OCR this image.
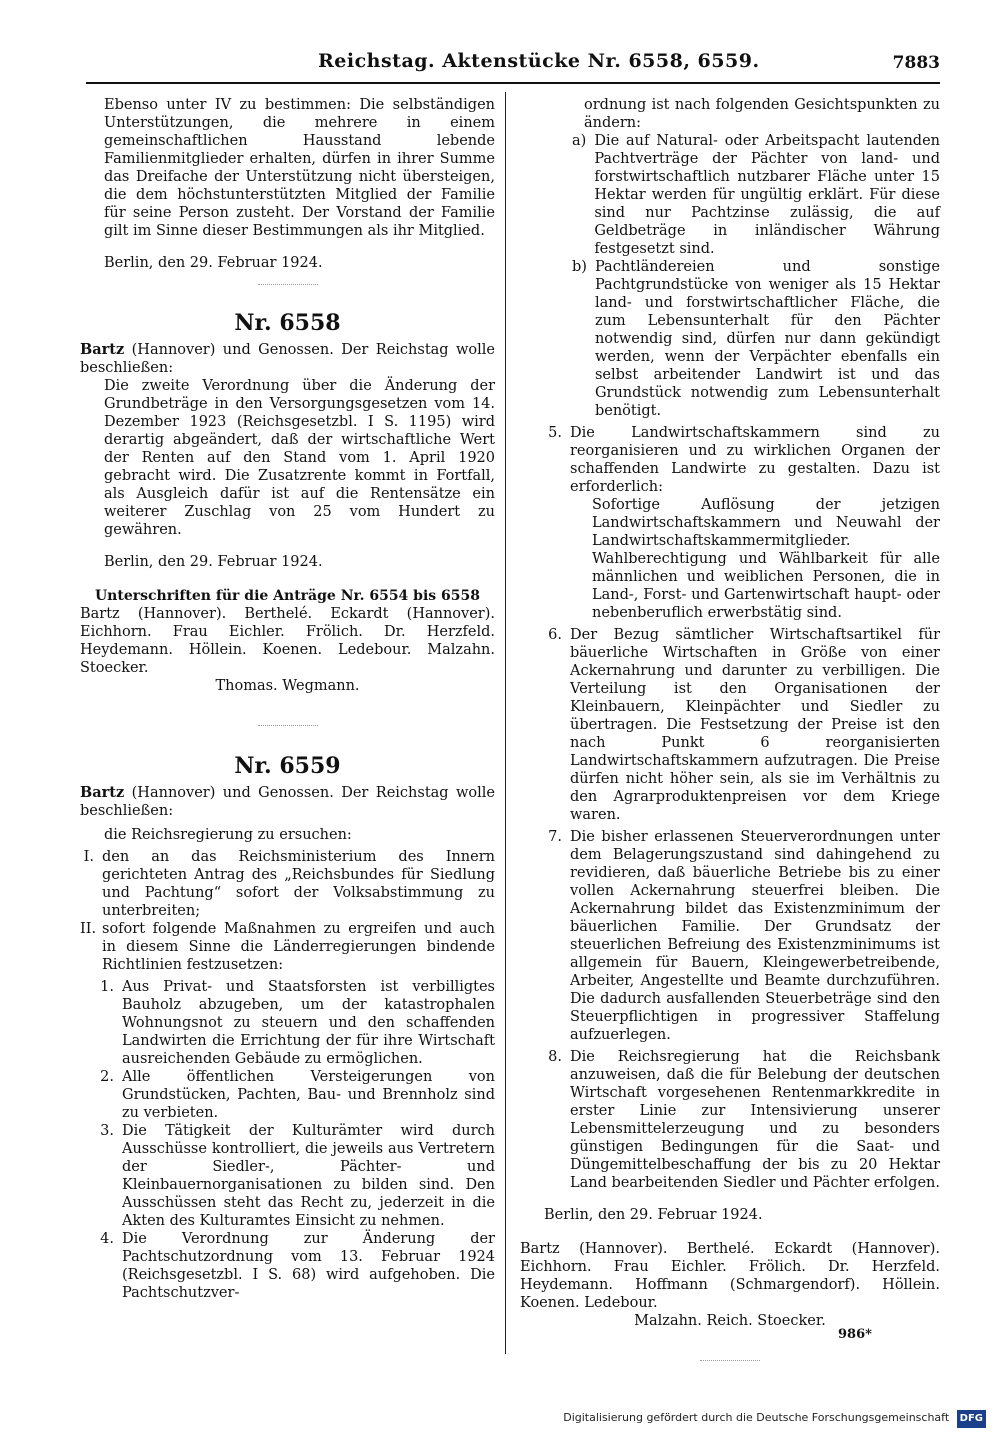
Reichstag. Aktenstücke Nr. 6558, 6559.	7883

Ebenso unter IV zu bestimmen: Die selbständigen Unterstützungen, die mehrere in einem gemeinschaftlichen Hausstand lebende Familienmitglieder erhalten, dürfen in ihrer Summe das Dreifache der Unterstützung nicht übersteigen, die dem höchstunterstützten Mitglied der Familie für seine Person zusteht. Der Vorstand der Familie gilt im Sinne dieser Bestimmungen als ihr Mitglied.

Berlin, den 29. Februar 1924.

Nr. 6558

Bartz (Hannover) und Genossen. Der Reichstag wolle beschließen:

Die zweite Verordnung über die Änderung der Grundbeträge in den Versorgungsgesetzen vom 14. Dezember 1923 (Reichsgesetzbl. I S. 1195) wird derartig abgeändert, daß der wirtschaftliche Wert der Renten auf den Stand vom 1. April 1920 gebracht wird. Die Zusatzrente kommt in Fortfall, als Ausgleich dafür ist auf die Rentensätze ein weiterer Zuschlag von 25 vom Hundert zu gewähren.

Berlin, den 29. Februar 1924.

Unterschriften für die Anträge Nr. 6554 bis 6558

Bartz (Hannover). Berthelé. Eckardt (Hannover). Eichhorn. Frau Eichler. Frölich. Dr. Herzfeld. Heydemann. Höllein. Koenen. Ledebour. Malzahn. Stoecker.
Thomas. Wegmann.

Nr. 6559

Bartz (Hannover) und Genossen. Der Reichstag wolle beschließen:

die Reichsregierung zu ersuchen:

I. den an das Reichsministerium des Innern gerichteten Antrag des „Reichsbundes für Siedlung und Pachtung“ sofort der Volksabstimmung zu unterbreiten;
II. sofort folgende Maßnahmen zu ergreifen und auch in diesem Sinne die Länderregierungen bindende Richtlinien festzusetzen:
1. Aus Privat- und Staatsforsten ist verbilligtes Bauholz abzugeben, um der katastrophalen Wohnungsnot zu steuern und den schaffenden Landwirten die Errichtung der für ihre Wirtschaft ausreichenden Gebäude zu ermöglichen.
2. Alle öffentlichen Versteigerungen von Grundstücken, Pachten, Bau- und Brennholz sind zu verbieten.
3. Die Tätigkeit der Kulturämter wird durch Ausschüsse kontrolliert, die jeweils aus Vertretern der Siedler-, Pächter- und Kleinbauernorganisationen zu bilden sind. Den Ausschüssen steht das Recht zu, jederzeit in die Akten des Kulturamtes Einsicht zu nehmen.
4. Die Verordnung zur Änderung der Pachtschutzordnung vom 13. Februar 1924 (Reichsgesetzbl. I S. 68) wird aufgehoben. Die Pachtschutzver-

ordnung ist nach folgenden Gesichtspunkten zu ändern:

a) Die auf Natural- oder Arbeitspacht lautenden Pachtverträge der Pächter von land- und forstwirtschaftlich nutzbarer Fläche unter 15 Hektar werden für ungültig erklärt. Für diese sind nur Pachtzinse zulässig, die auf Geldbeträge in inländischer Währung festgesetzt sind.
b) Pachtländereien und sonstige Pachtgrundstücke von weniger als 15 Hektar land- und forstwirtschaftlicher Fläche, die zum Lebensunterhalt für den Pächter notwendig sind, dürfen nur dann gekündigt werden, wenn der Verpächter ebenfalls ein selbst arbeitender Landwirt ist und das Grundstück notwendig zum Lebensunterhalt benötigt.
5. Die Landwirtschaftskammern sind zu reorganisieren und zu wirklichen Organen der schaffenden Landwirte zu gestalten. Dazu ist erforderlich:

Sofortige Auflösung der jetzigen Landwirtschaftskammern und Neuwahl der Landwirtschaftskammermitglieder. Wahlberechtigung und Wählbarkeit für alle männlichen und weiblichen Personen, die in Land-, Forst- und Gartenwirtschaft haupt- oder nebenberuflich erwerbstätig sind.

6. Der Bezug sämtlicher Wirtschaftsartikel für bäuerliche Wirtschaften in Größe von einer Ackernahrung und darunter zu verbilligen. Die Verteilung ist den Organisationen der Kleinbauern, Kleinpächter und Siedler zu übertragen. Die Festsetzung der Preise ist den nach Punkt 6 reorganisierten Landwirtschaftskammern aufzutragen. Die Preise dürfen nicht höher sein, als sie im Verhältnis zu den Agrarproduktenpreisen vor dem Kriege waren.
7. Die bisher erlassenen Steuerverordnungen unter dem Belagerungszustand sind dahingehend zu revidieren, daß bäuerliche Betriebe bis zu einer vollen Ackernahrung steuerfrei bleiben. Die Ackernahrung bildet das Existenzminimum der bäuerlichen Familie. Der Grundsatz der steuerlichen Befreiung des Existenzminimums ist allgemein für Bauern, Kleingewerbetreibende, Arbeiter, Angestellte und Beamte durchzuführen. Die dadurch ausfallenden Steuerbeträge sind den Steuerpflichtigen in progressiver Staffelung aufzuerlegen.
8. Die Reichsregierung hat die Reichsbank anzuweisen, daß die für Belebung der deutschen Wirtschaft vorgesehenen Rentenmarkkredite in erster Linie zur Intensivierung unserer Lebensmittelerzeugung und zu besonders günstigen Bedingungen für die Saat- und Düngemittelbeschaffung der bis zu 20 Hektar Land bearbeitenden Siedler und Pächter erfolgen.

Berlin, den 29. Februar 1924.

Bartz (Hannover). Berthelé. Eckardt (Hannover). Eichhorn. Frau Eichler. Frölich. Dr. Herzfeld. Heydemann. Hoffmann (Schmargendorf). Höllein. Koenen. Ledebour.
Malzahn. Reich. Stoecker.

986*
Digitalisierung gefördert durch die Deutsche Forschungsgemeinschaft DFG
